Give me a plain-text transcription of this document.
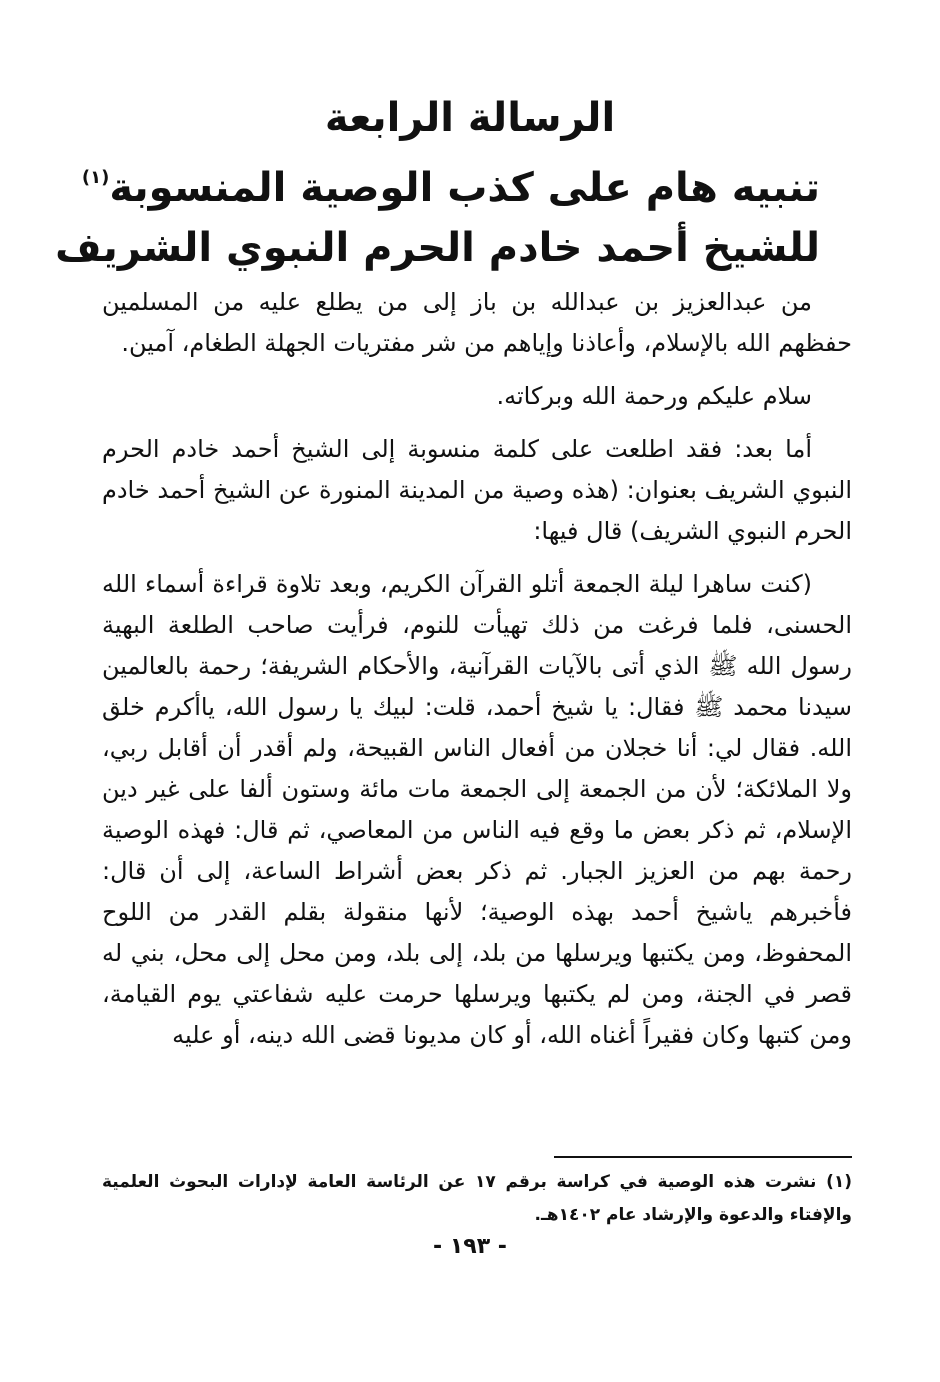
الرسالة الرابعة
تنبيه هام على كذب الوصية المنسوبة$^{(١)}$
للشيخ أحمد خادم الحرم النبوي الشريف

من عبدالعزيز بن عبدالله بن باز إلى من يطلع عليه من المسلمين حفظهم الله بالإسلام، وأعاذنا وإياهم من شر مفتريات الجهلة الطغام، آمين.

سلام عليكم ورحمة الله وبركاته.

أما بعد: فقد اطلعت على كلمة منسوبة إلى الشيخ أحمد خادم الحرم النبوي الشريف بعنوان: (هذه وصية من المدينة المنورة عن الشيخ أحمد خادم الحرم النبوي الشريف) قال فيها:

(كنت ساهرا ليلة الجمعة أتلو القرآن الكريم، وبعد تلاوة قراءة أسماء الله الحسنى، فلما فرغت من ذلك تهيأت للنوم، فرأيت صاحب الطلعة البهية رسول الله ﷺ الذي أتى بالآيات القرآنية، والأحكام الشريفة؛ رحمة بالعالمين سيدنا محمد ﷺ فقال: يا شيخ أحمد، قلت: لبيك يا رسول الله، ياأكرم خلق الله. فقال لي: أنا خجلان من أفعال الناس القبيحة، ولم أقدر أن أقابل ربي، ولا الملائكة؛ لأن من الجمعة إلى الجمعة مات مائة وستون ألفا على غير دين الإسلام، ثم ذكر بعض ما وقع فيه الناس من المعاصي، ثم قال: فهذه الوصية رحمة بهم من العزيز الجبار. ثم ذكر بعض أشراط الساعة، إلى أن قال: فأخبرهم ياشيخ أحمد بهذه الوصية؛ لأنها منقولة بقلم القدر من اللوح المحفوظ، ومن يكتبها ويرسلها من بلد، إلى بلد، ومن محل إلى محل، بني له قصر في الجنة، ومن لم يكتبها ويرسلها حرمت عليه شفاعتي يوم القيامة، ومن كتبها وكان فقيراً أغناه الله، أو كان مديونا قضى الله دينه، أو عليه

(١) نشرت هذه الوصية في كراسة برقم ١٧ عن الرئاسة العامة لإدارات البحوث العلمية والإفتاء والدعوة والإرشاد عام ١٤٠٢هـ.
- ١٩٣ -
